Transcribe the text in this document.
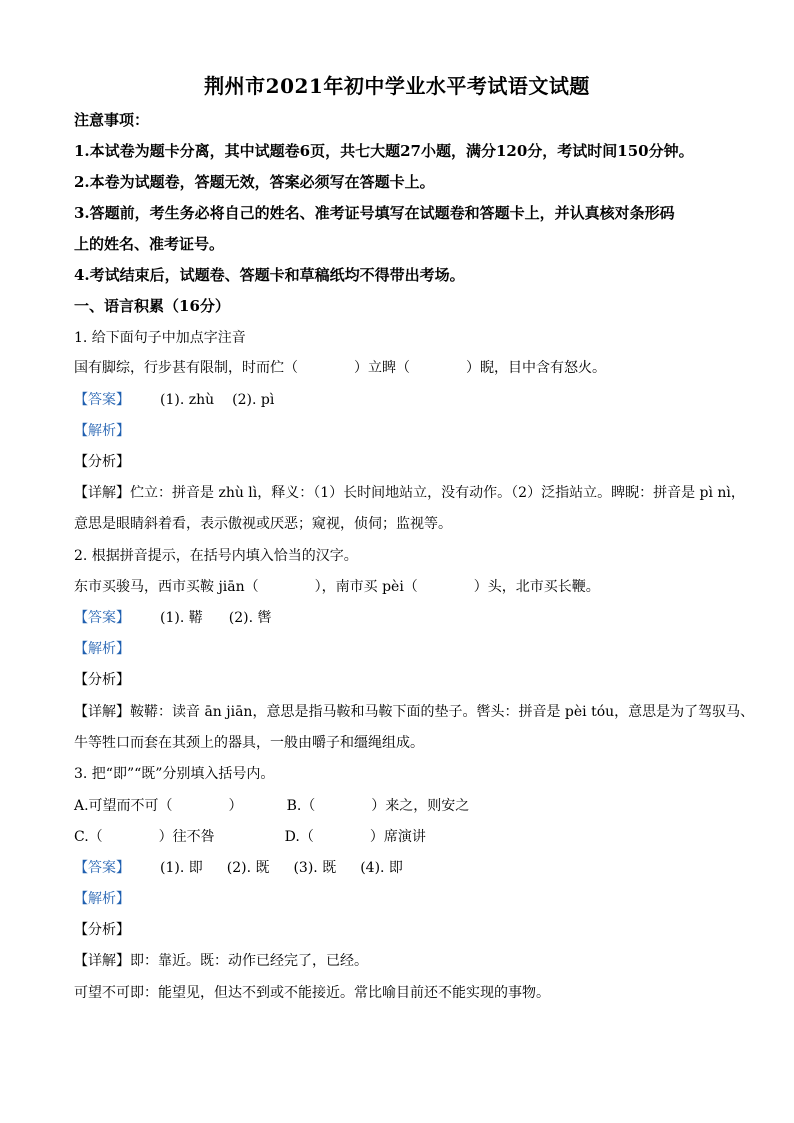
荆州市2021年初中学业水平考试语文试题
注意事项：
1.本试卷为题卡分离，其中试题卷6页，共七大题27小题，满分120分，考试时间150分钟。
2.本卷为试题卷，答题无效，答案必须写在答题卡上。
3.答题前，考生务必将自己的姓名、准考证号填写在试题卷和答题卡上，并认真核对条形码
上的姓名、准考证号。
4.考试结束后，试题卷、答题卡和草稿纸均不得带出考场。
一、语言积累（16分）
1. 给下面句子中加点字注音
国有脚综，行步甚有限制，时而伫（　　　　）立睥（　　　　）睨，目中含有怒火。
【答案】 (1). zhù (2). pì
【解析】
【分析】
【详解】伫立：拼音是 zhù lì，释义：（1）长时间地站立，没有动作。（2）泛指站立。睥睨：拼音是 pì nì，
意思是眼睛斜着看，表示傲视或厌恶；窥视，侦伺；监视等。
2. 根据拼音提示，在括号内填入恰当的汉字。
东市买骏马，西市买鞍 jiān（　　　　），南市买 pèi（　　　　）头，北市买长鞭。
【答案】 (1). 鞯 (2). 辔
【解析】
【分析】
【详解】鞍鞯：读音 ān jiān，意思是指马鞍和马鞍下面的垫子。辔头：拼音是 pèi tóu，意思是为了驾驭马、
牛等牲口而套在其颈上的器具，一般由嚼子和缰绳组成。
3. 把“即”“既”分别填入括号内。
A.可望而不可（　　　　）	B.（　　　　）来之，则安之
C.（　　　　）往不咎	D.（　　　　）席演讲
【答案】 (1). 即 (2). 既 (3). 既 (4). 即
【解析】
【分析】
【详解】即：靠近。既：动作已经完了，已经。
可望不可即：能望见，但达不到或不能接近。常比喻目前还不能实现的事物。
